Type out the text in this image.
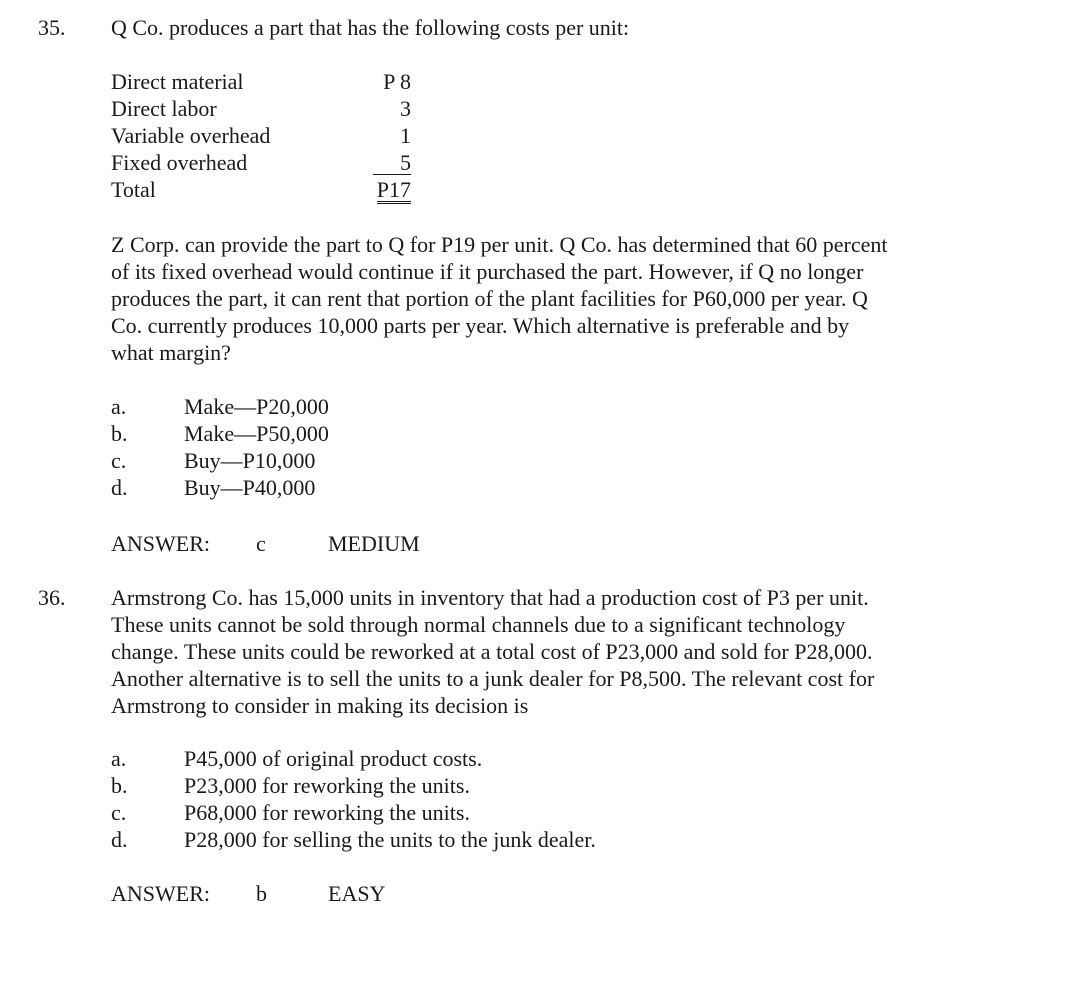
35. Q Co. produces a part that has the following costs per unit:

Direct material	P 8
Direct labor	3
Variable overhead	1
Fixed overhead	5
Total	P17
Z Corp. can provide the part to Q for P19 per unit. Q Co. has determined that 60 percent
of its fixed overhead would continue if it purchased the part. However, if Q no longer
produces the part, it can rent that portion of the plant facilities for P60,000 per year. Q
Co. currently produces 10,000 parts per year. Which alternative is preferable and by
what margin?
a.	Make—P20,000
b.	Make—P50,000
c.	Buy—P10,000
d.	Buy—P40,000
ANSWER: c	MEDIUM
36. Armstrong Co. has 15,000 units in inventory that had a production cost of P3 per unit.
These units cannot be sold through normal channels due to a significant technology
change. These units could be reworked at a total cost of P23,000 and sold for P28,000.
Another alternative is to sell the units to a junk dealer for P8,500. The relevant cost for
Armstrong to consider in making its decision is
a.	P45,000 of original product costs.
b.	P23,000 for reworking the units.
c.	P68,000 for reworking the units.
d.	P28,000 for selling the units to the junk dealer.
ANSWER: b	EASY
